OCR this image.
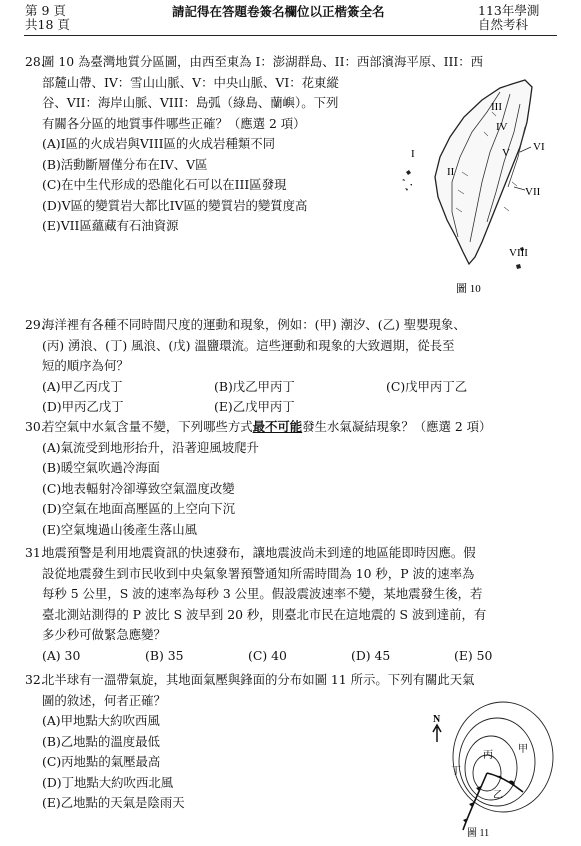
第 9 頁
共18 頁
請記得在答題卷簽名欄位以正楷簽全名	113年學測
自然考科
28.
圖 10 為臺灣地質分區圖，由西至東為 I：澎湖群島、II：西部濱海平原、III：西
部麓山帶、IV：雪山山脈、V：中央山脈、VI：花東縱
谷、VII：海岸山脈、VIII：島弧（綠島、蘭嶼）。下列
有關各分區的地質事件哪些正確？（應選 2 項）
(A)I區的火成岩與VIII區的火成岩種類不同
(B)活動斷層僅分布在IV、V區
(C)在中生代形成的恐龍化石可以在III區發現
(D)V區的變質岩大都比IV區的變質岩的變質度高
(E)VII區蘊藏有石油資源
I
II
III
IV
V VI
VII
VIII
圖 10
29.
海洋裡有各種不同時間尺度的運動和現象，例如：(甲) 潮汐、(乙) 聖嬰現象、
(丙) 湧浪、(丁) 風浪、(戊) 溫鹽環流。這些運動和現象的大致週期，從長至
短的順序為何？
(A)甲乙丙戊丁	(B)戊乙甲丙丁	(C)戊甲丙丁乙
(D)甲丙乙戊丁	(E)乙戊甲丙丁
30.
若空氣中水氣含量不變，下列哪些方式最不可能發生水氣凝結現象？（應選 2 項）
(A)氣流受到地形抬升，沿著迎風坡爬升
(B)暖空氣吹過冷海面
(C)地表輻射冷卻導致空氣溫度改變
(D)空氣在地面高壓區的上空向下沉
(E)空氣塊過山後產生落山風
31.
地震預警是利用地震資訊的快速發布，讓地震波尚未到達的地區能即時因應。假
設從地震發生到市民收到中央氣象署預警通知所需時間為 10 秒，P 波的速率為
每秒 5 公里，S 波的速率為每秒 3 公里。假設震波速率不變，某地震發生後，若
臺北測站測得的 P 波比 S 波早到 20 秒，則臺北市民在這地震的 S 波到達前，有
多少秒可做緊急應變？
(A) 30	(B) 35	(C) 40	(D) 45	(E) 50
32.
北半球有一溫帶氣旋，其地面氣壓與鋒面的分布如圖 11 所示。下列有關此天氣
圖的敘述，何者正確？
(A)甲地點大約吹西風
(B)乙地點的溫度最低
(C)丙地點的氣壓最高
(D)丁地點大約吹西北風
(E)乙地點的天氣是陰雨天
N
甲
乙
丙
丁
圖 11
